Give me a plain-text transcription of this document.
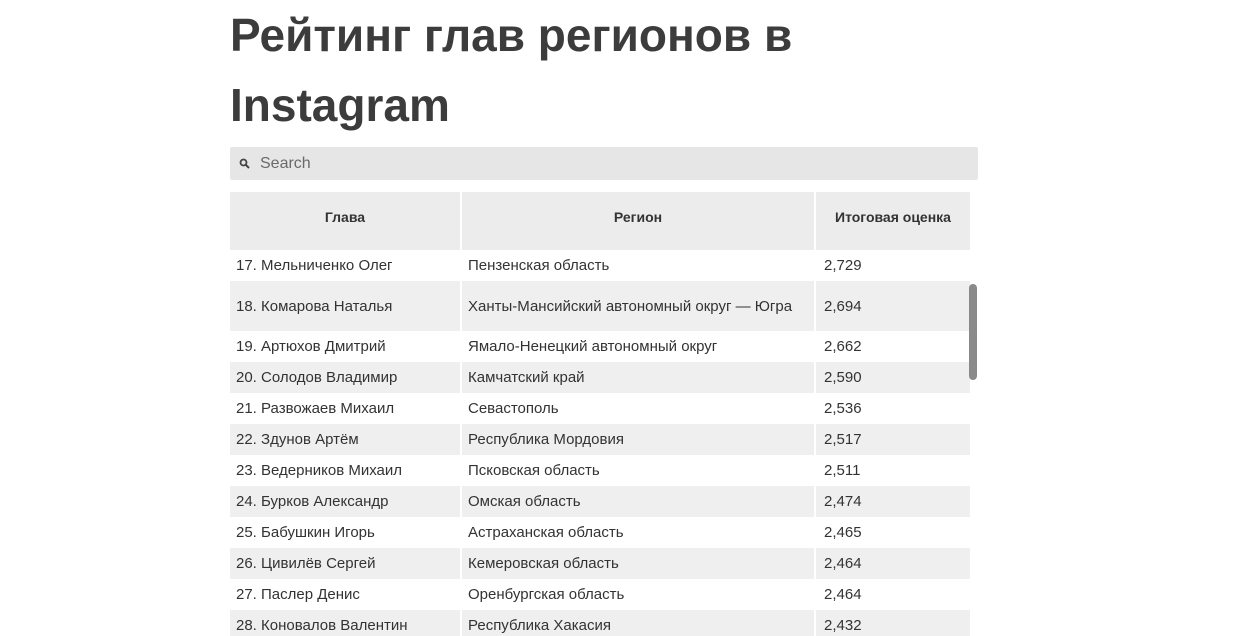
Рейтинг глав регионов в Instagram
Search
Глава	Регион	Итоговая оценка
17. Мельниченко Олег	Пензенская область	2,729
18. Комарова Наталья	Ханты-Мансийский автономный округ — Югра	2,694
19. Артюхов Дмитрий	Ямало-Ненецкий автономный округ	2,662
20. Солодов Владимир	Камчатский край	2,590
21. Развожаев Михаил	Севастополь	2,536
22. Здунов Артём	Республика Мордовия	2,517
23. Ведерников Михаил	Псковская область	2,511
24. Бурков Александр	Омская область	2,474
25. Бабушкин Игорь	Астраханская область	2,465
26. Цивилёв Сергей	Кемеровская область	2,464
27. Паслер Денис	Оренбургская область	2,464
28. Коновалов Валентин	Республика Хакасия	2,432
